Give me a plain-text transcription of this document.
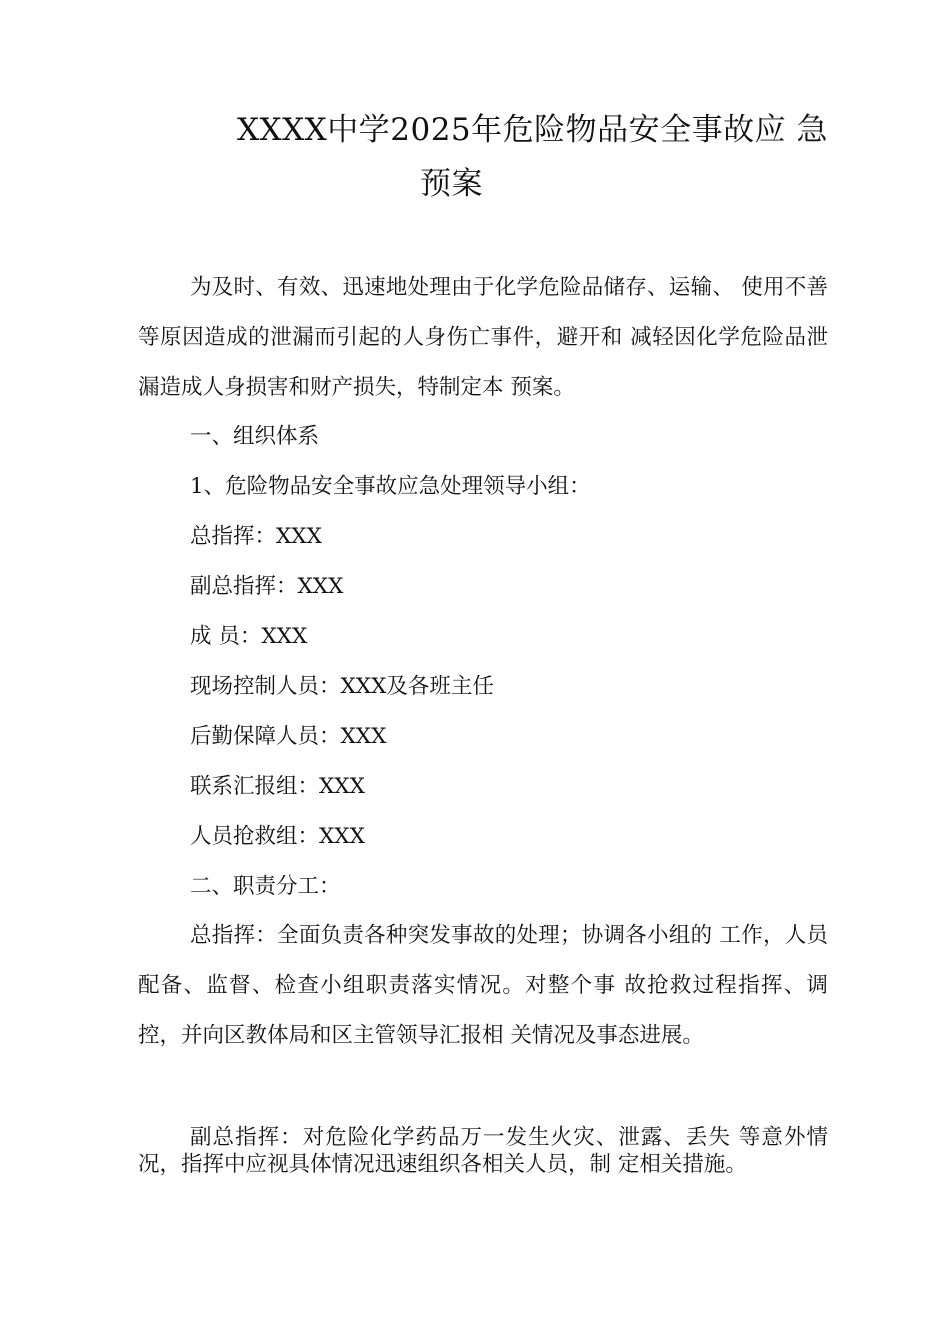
XXXX中学2025年危险物品安全事故应 急
预案
为及时、有效、迅速地处理由于化学危险品储存、运输、 使用不善等原因造成的泄漏而引起的人身伤亡事件，避开和 减轻因化学危险品泄漏造成人身损害和财产损失，特制定本 预案。
一、组织体系
1、危险物品安全事故应急处理领导小组：
总指挥：XXX
副总指挥：XXX
成 员：XXX
现场控制人员：XXX及各班主任
后勤保障人员：XXX
联系汇报组：XXX
人员抢救组：XXX
二、职责分工：
总指挥：全面负责各种突发事故的处理；协调各小组的 工作，人员配备、监督、检查小组职责落实情况。对整个事 故抢救过程指挥、调控，并向区教体局和区主管领导汇报相 关情况及事态进展。
副总指挥：对危险化学药品万一发生火灾、泄露、丢失 等意外情况，指挥中应视具体情况迅速组织各相关人员，制 定相关措施。
